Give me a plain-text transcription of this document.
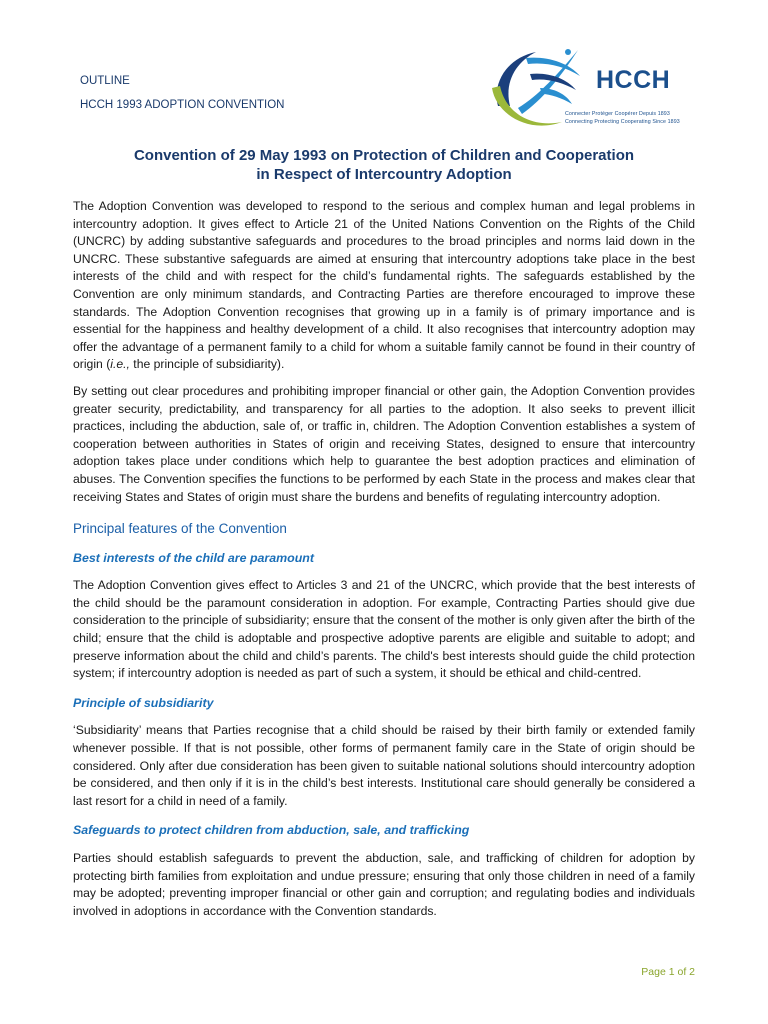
OUTLINE
HCCH 1993 ADOPTION CONVENTION
HCCH
Connecter Protéger Coopérer Depuis 1893
Connecting Protecting Cooperating Since 1893
Convention of 29 May 1993 on Protection of Children and Cooperation
in Respect of Intercountry Adoption

The Adoption Convention was developed to respond to the serious and complex human and legal problems in intercountry adoption. It gives effect to Article 21 of the United Nations Convention on the Rights of the Child (UNCRC) by adding substantive safeguards and procedures to the broad principles and norms laid down in the UNCRC. These substantive safeguards are aimed at ensuring that intercountry adoptions take place in the best interests of the child and with respect for the child’s fundamental rights. The safeguards established by the Convention are only minimum standards, and Contracting Parties are therefore encouraged to improve these standards. The Adoption Convention recognises that growing up in a family is of primary importance and is essential for the happiness and healthy development of a child. It also recognises that intercountry adoption may offer the advantage of a permanent family to a child for whom a suitable family cannot be found in their country of origin (i.e., the principle of subsidiarity).

By setting out clear procedures and prohibiting improper financial or other gain, the Adoption Convention provides greater security, predictability, and transparency for all parties to the adoption. It also seeks to prevent illicit practices, including the abduction, sale of, or traffic in, children. The Adoption Convention establishes a system of cooperation between authorities in States of origin and receiving States, designed to ensure that intercountry adoption takes place under conditions which help to guarantee the best adoption practices and elimination of abuses. The Convention specifies the functions to be performed by each State in the process and makes clear that receiving States and States of origin must share the burdens and benefits of regulating intercountry adoption.

Principal features of the Convention
Best interests of the child are paramount

The Adoption Convention gives effect to Articles 3 and 21 of the UNCRC, which provide that the best interests of the child should be the paramount consideration in adoption. For example, Contracting Parties should give due consideration to the principle of subsidiarity; ensure that the consent of the mother is only given after the birth of the child; ensure that the child is adoptable and prospective adoptive parents are eligible and suitable to adopt; and preserve information about the child and child’s parents. The child's best interests should guide the child protection system; if intercountry adoption is needed as part of such a system, it should be ethical and child-centred.

Principle of subsidiarity

‘Subsidiarity’ means that Parties recognise that a child should be raised by their birth family or extended family whenever possible. If that is not possible, other forms of permanent family care in the State of origin should be considered. Only after due consideration has been given to suitable national solutions should intercountry adoption be considered, and then only if it is in the child’s best interests. Institutional care should generally be considered a last resort for a child in need of a family.

Safeguards to protect children from abduction, sale, and trafficking

Parties should establish safeguards to prevent the abduction, sale, and trafficking of children for adoption by protecting birth families from exploitation and undue pressure; ensuring that only those children in need of a family may be adopted; preventing improper financial or other gain and corruption; and regulating bodies and individuals involved in adoptions in accordance with the Convention standards.

Page 1 of 2
